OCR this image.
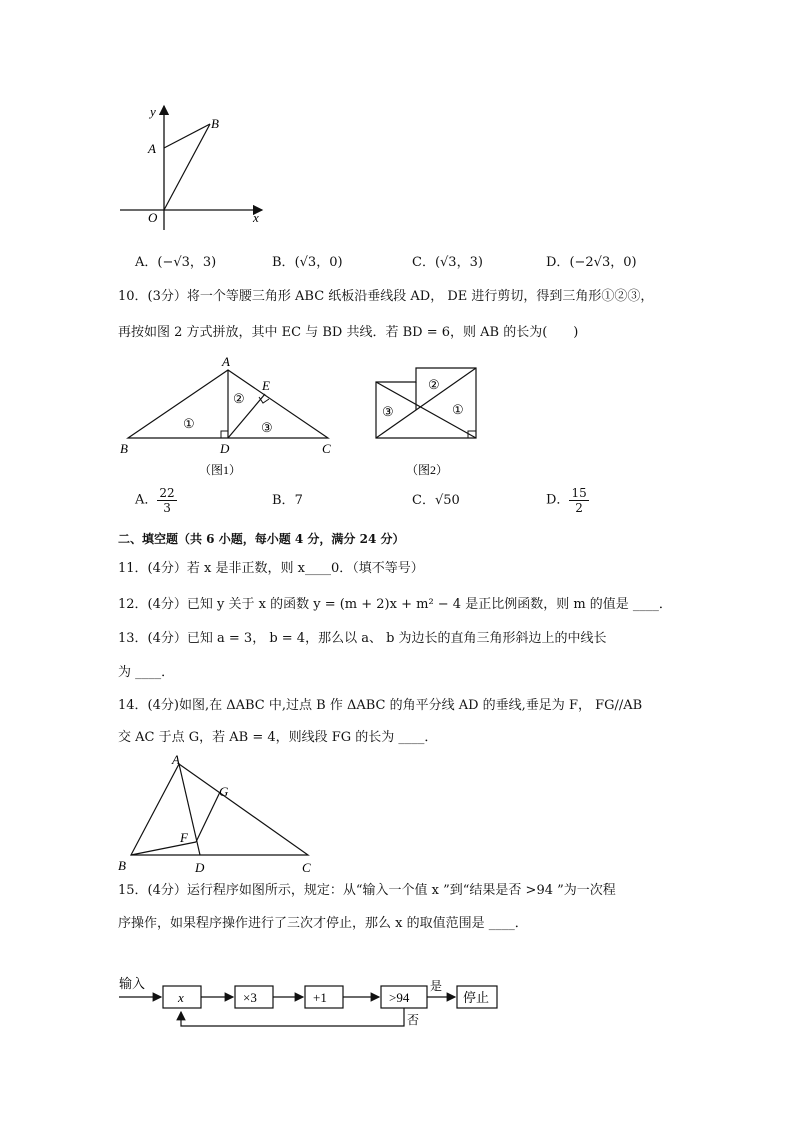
y
x
O
A
B
A．(−√3，3)	B．(√3，0)	C．(√3，3)	D．(−2√3，0)
10．(3分）将一个等腰三角形 ABC 纸板沿垂线段 AD， DE 进行剪切，得到三角形①②③，
再按如图 2 方式拼放，其中 EC 与 BD 共线．若 BD = 6，则 AB 的长为(　　)
A
B	D	C
E
①
②
③
（图1）
②
③	①
（图2）
A． $\frac{22}{3}$	B．7	C．√50	D． $\frac{15}{2}$
二、填空题（共 6 小题，每小题 4 分，满分 24 分）
11．(4分）若 x 是非正数，则 x____0．（填不等号）
12．(4分）已知 y 关于 x 的函数 y = (m + 2)x + m² − 4 是正比例函数，则 m 的值是 ____．
13．(4分）已知 a = 3， b = 4，那么以 a、 b 为边长的直角三角形斜边上的中线长
为 ____．
14．(4分)如图,在 ΔABC 中,过点 B 作 ΔABC 的角平分线 AD 的垂线,垂足为 F， FG//AB
交 AC 于点 G，若 AB = 4，则线段 FG 的长为 ____．
A
B	D	C
F
G
15．(4分）运行程序如图所示，规定：从“输入一个值 x ”到“结果是否 >94 ”为一次程
序操作，如果程序操作进行了三次才停止，那么 x 的取值范围是 ____．
输入
x	×3	+1	>94
是
停止
否
